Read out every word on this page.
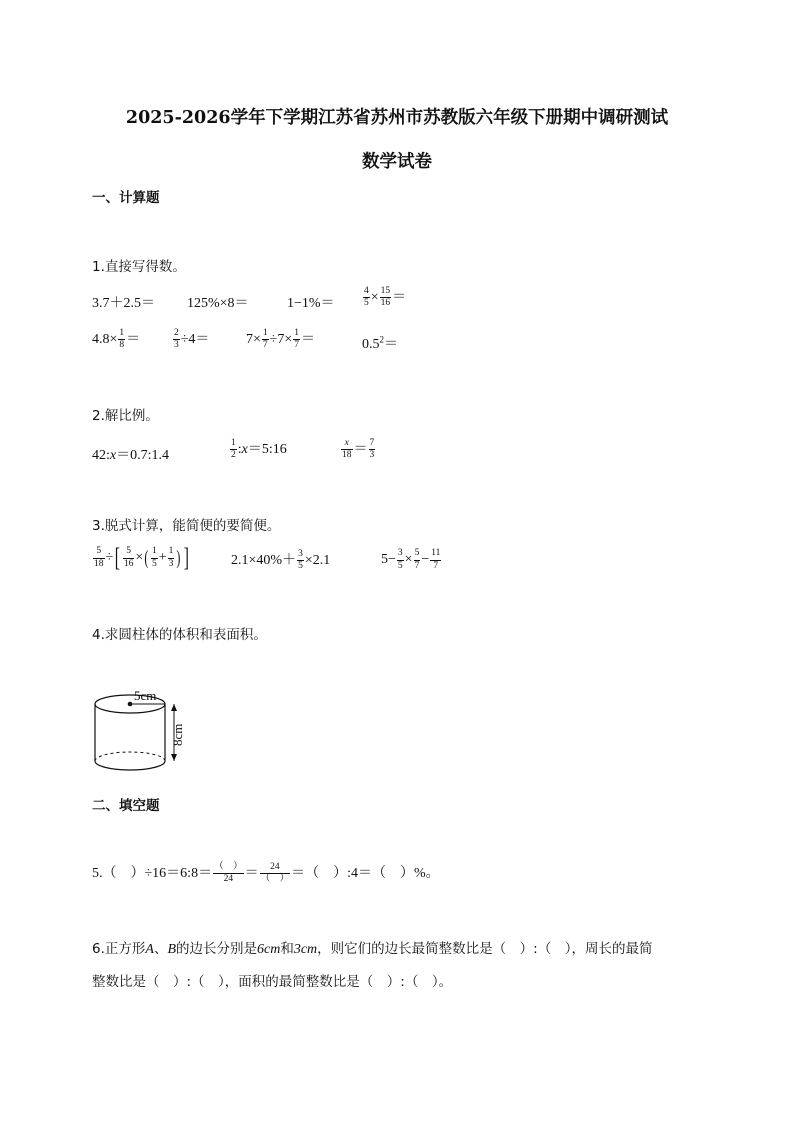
2025-2026学年下学期江苏省苏州市苏教版六年级下册期中调研测试
数学试卷
一、计算题
1.直接写得数。
3.7＋2.5＝ 125%×8＝	1−1%＝	$\frac{4}{5} \times \frac{15}{16}$ ＝
$4.8\times \frac{1}{8}$ ＝	$\frac{2}{3} \div 4=$	$7\times \frac{1}{7} \div 7\times \frac{1}{7}$ ＝	$0.5^2=$
2.解比例。
42:x＝0.7:1.4	$\frac{1}{2}$ :x＝5:16	$\frac{x}{18} = \frac{7}{3}$
3.脱式计算，能简便的要简便。
$\frac{5}{18}$ ÷[ $\frac{5}{16}$ ×( $\frac{1}{5} + \frac{1}{3}$ ) ]	$2.1\times 40\%+ \frac{3}{5} \times 2.1$	$5- \frac{3}{5} \times \frac{5}{7} - \frac{11}{7}$
4.求圆柱体的体积和表面积。
5cm
8cm
二、填空题
5.（　）÷16＝6:8＝ $\frac{( )}{24} = \frac{24}{( )}$ ＝（　）:4＝（　）%。
6.正方形A、B的边长分别是6cm和3cm，则它们的边长最简整数比是（　）:（　），周长的最简
整数比是（　）:（　），面积的最简整数比是（　）:（　）。
